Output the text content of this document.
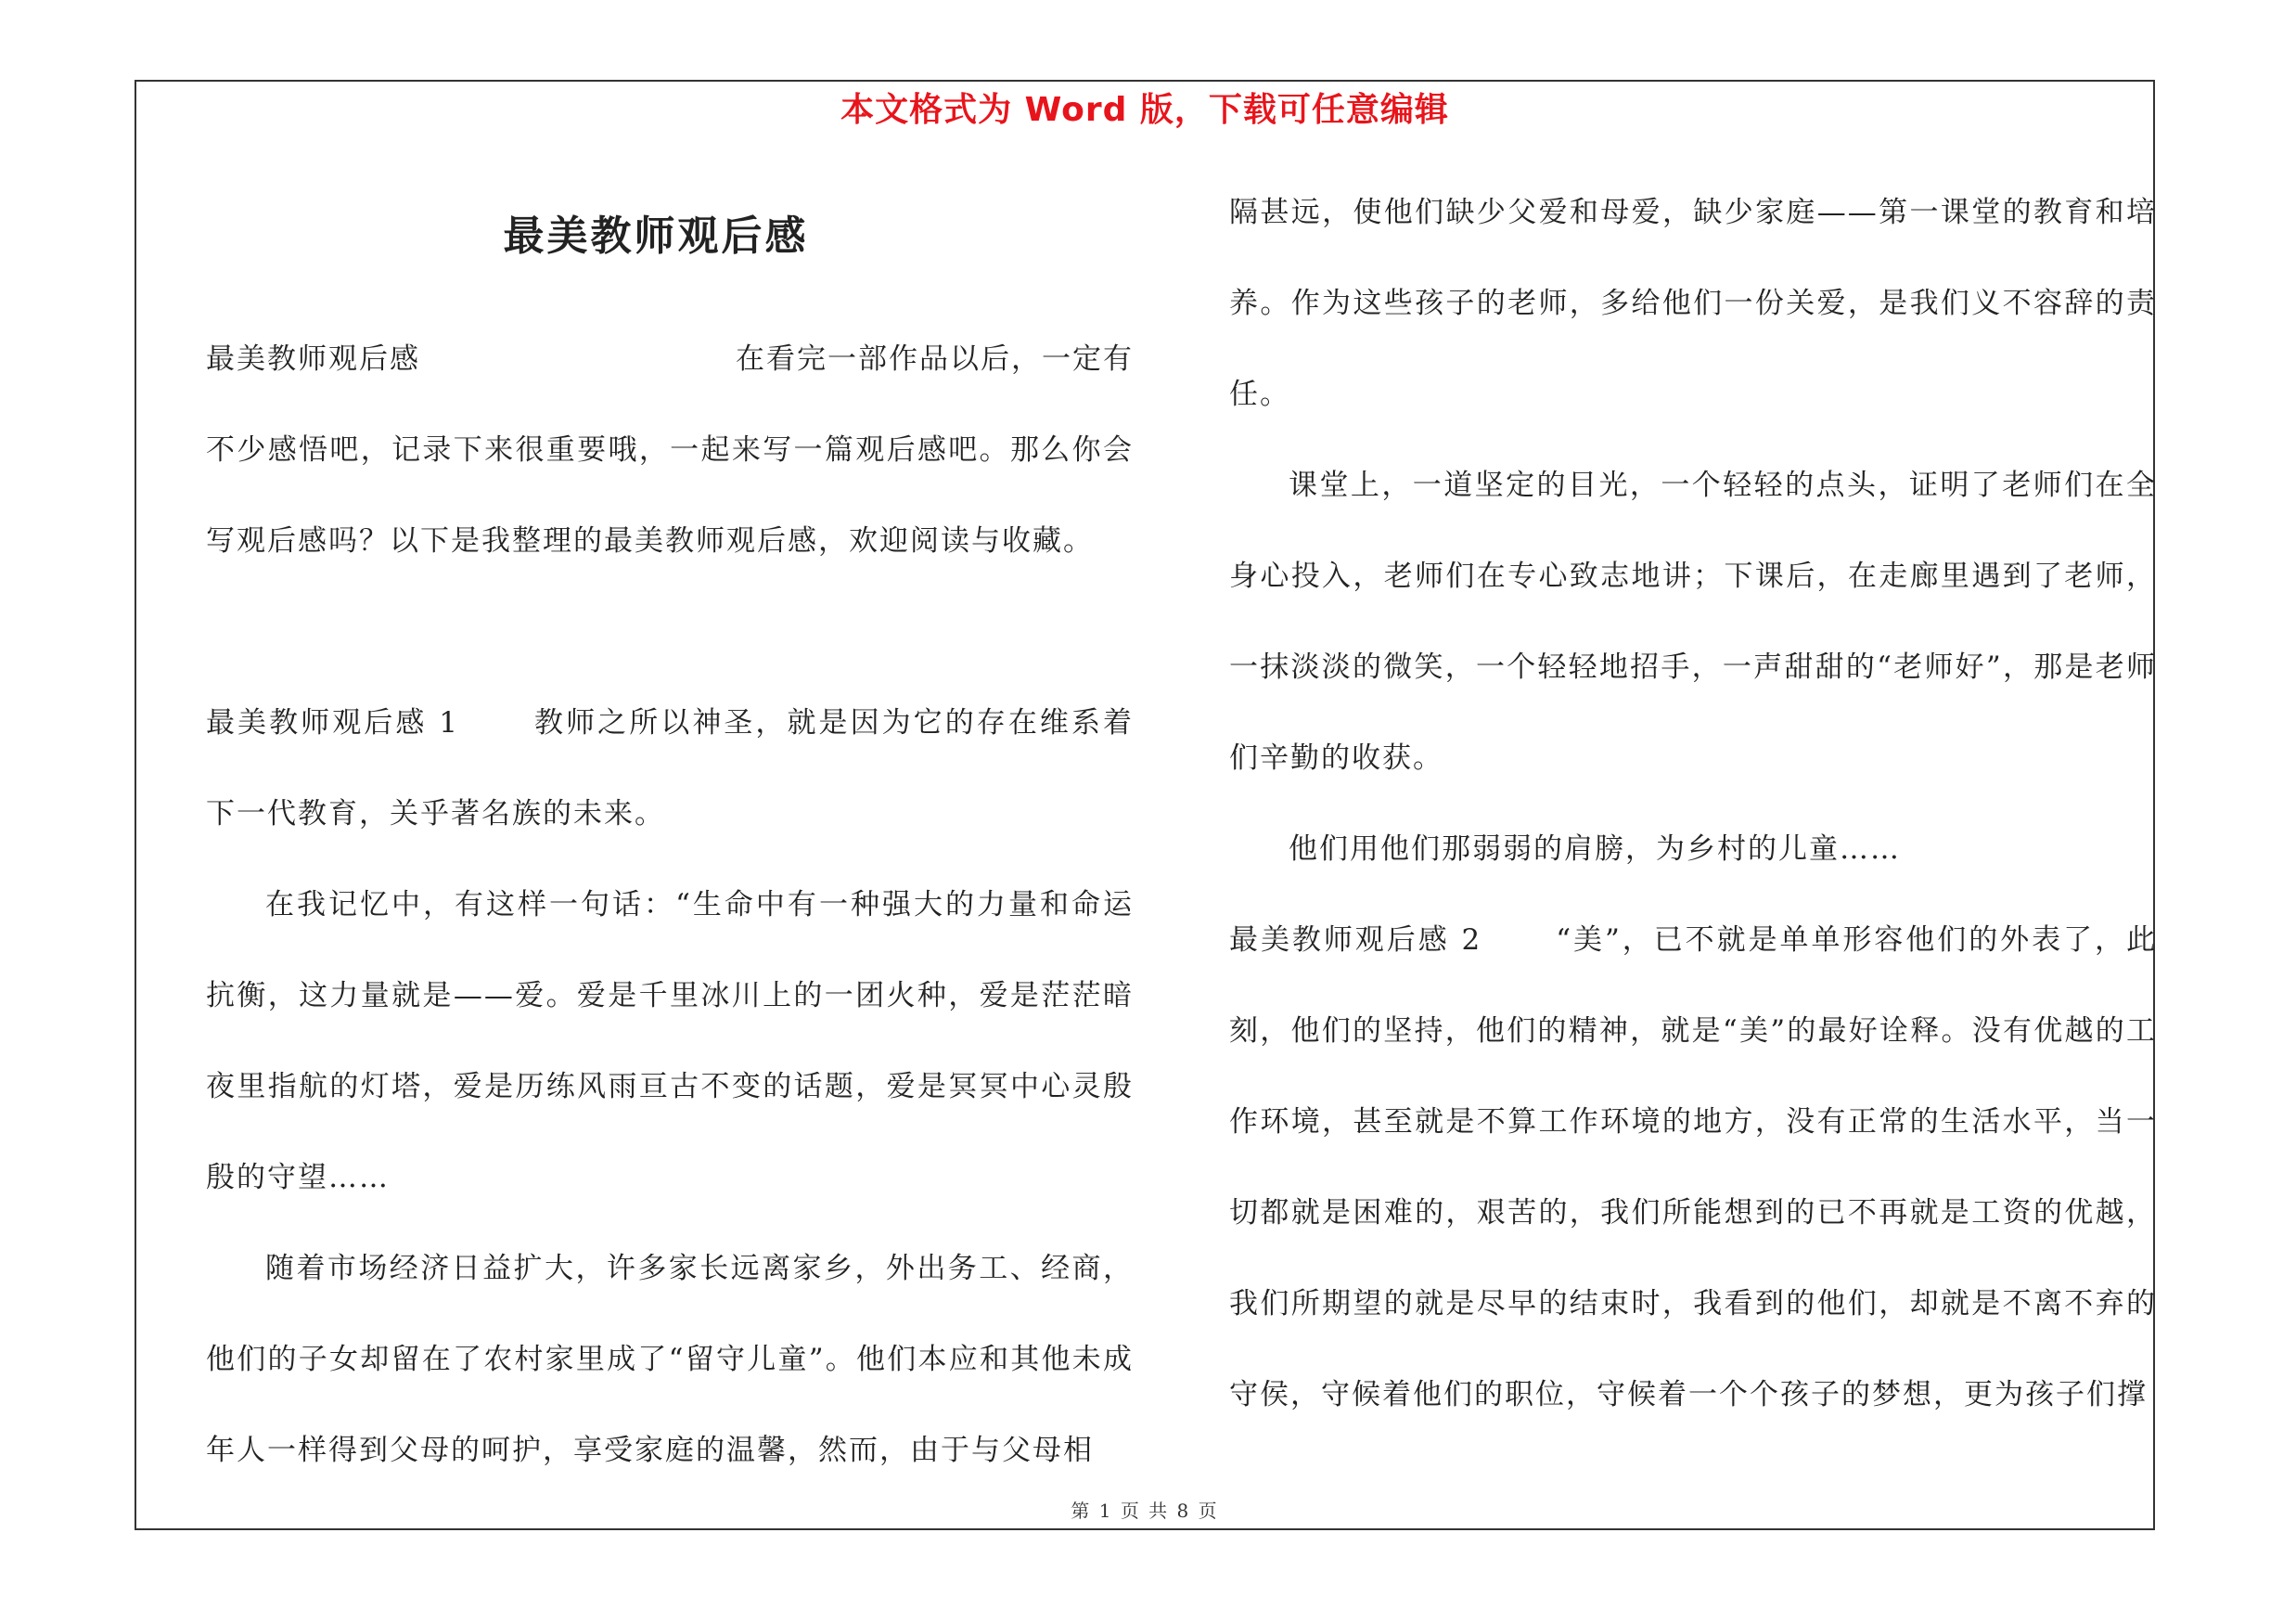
本文格式为 Word 版，下载可任意编辑
最美教师观后感

最美教师观后感	在看完一部作品以后，一定有不少感悟吧，记录下来很重要哦，一起来写一篇观后感吧。那么你会写观后感吗？以下是我整理的最美教师观后感，欢迎阅读与收藏。

最美教师观后感 1	教师之所以神圣，就是因为它的存在维系着下一代教育，关乎著名族的未来。

在我记忆中，有这样一句话：“生命中有一种强大的力量和命运抗衡，这力量就是——爱。爱是千里冰川上的一团火种，爱是茫茫暗夜里指航的灯塔，爱是历练风雨亘古不变的话题，爱是冥冥中心灵殷殷的守望……

随着市场经济日益扩大，许多家长远离家乡，外出务工、经商，他们的子女却留在了农村家里成了“留守儿童”。他们本应和其他未成年人一样得到父母的呵护，享受家庭的温馨，然而，由于与父母相

隔甚远，使他们缺少父爱和母爱，缺少家庭——第一课堂的教育和培养。作为这些孩子的老师，多给他们一份关爱，是我们义不容辞的责任。

课堂上，一道坚定的目光，一个轻轻的点头，证明了老师们在全身心投入，老师们在专心致志地讲；下课后，在走廊里遇到了老师，一抹淡淡的微笑，一个轻轻地招手，一声甜甜的“老师好”，那是老师们辛勤的收获。

他们用他们那弱弱的肩膀，为乡村的儿童……

最美教师观后感 2	“美”，已不就是单单形容他们的外表了，此刻，他们的坚持，他们的精神，就是“美”的最好诠释。没有优越的工作环境，甚至就是不算工作环境的地方，没有正常的生活水平，当一切都就是困难的，艰苦的，我们所能想到的已不再就是工资的优越，我们所期望的就是尽早的结束时，我看到的他们，却就是不离不弃的守侯，守候着他们的职位，守候着一个个孩子的梦想，更为孩子们撑

第 1 页 共 8 页
